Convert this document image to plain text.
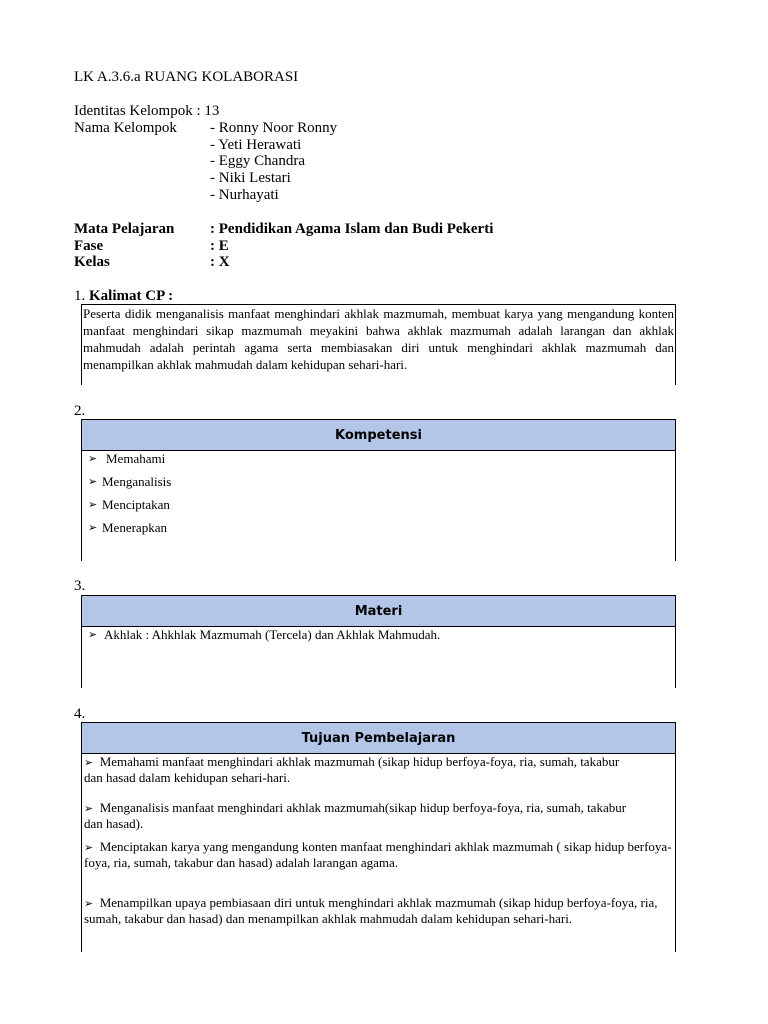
LK A.3.6.a RUANG KOLABORASI
Identitas Kelompok : 13
Nama Kelompok - Ronny Noor Ronny
- Yeti Herawati
- Eggy Chandra
- Niki Lestari
- Nurhayati
Mata Pelajaran : Pendidikan Agama Islam dan Budi Pekerti
Fase	: E
Kelas	: X
1. Kalimat CP :
Peserta didik menganalisis manfaat menghindari akhlak mazmumah, membuat karya yang mengandung konten manfaat menghindari sikap mazmumah meyakini bahwa akhlak mazmumah adalah larangan dan akhlak mahmudah adalah perintah agama serta membiasakan diri untuk menghindari akhlak mazmumah dan menampilkan akhlak mahmudah dalam kehidupan sehari-hari.
2.
Kompetensi
➢ Memahami
➢ Menganalisis
➢ Menciptakan
➢ Menerapkan
3.
Materi
➢ Akhlak : Ahkhlak Mazmumah (Tercela) dan Akhlak Mahmudah.
4.
Tujuan Pembelajaran
➢ Memahami manfaat menghindari akhlak mazmumah (sikap hidup berfoya-foya, ria, sumah, takabur dan hasad dalam kehidupan sehari-hari.
➢ Menganalisis manfaat menghindari akhlak mazmumah(sikap hidup berfoya-foya, ria, sumah, takabur dan hasad).
➢ Menciptakan karya yang mengandung konten manfaat menghindari akhlak mazmumah ( sikap hidup berfoya-foya, ria, sumah, takabur dan hasad) adalah larangan agama.
➢ Menampilkan upaya pembiasaan diri untuk menghindari akhlak mazmumah (sikap hidup berfoya-foya, ria, sumah, takabur dan hasad) dan menampilkan akhlak mahmudah dalam kehidupan sehari-hari.
